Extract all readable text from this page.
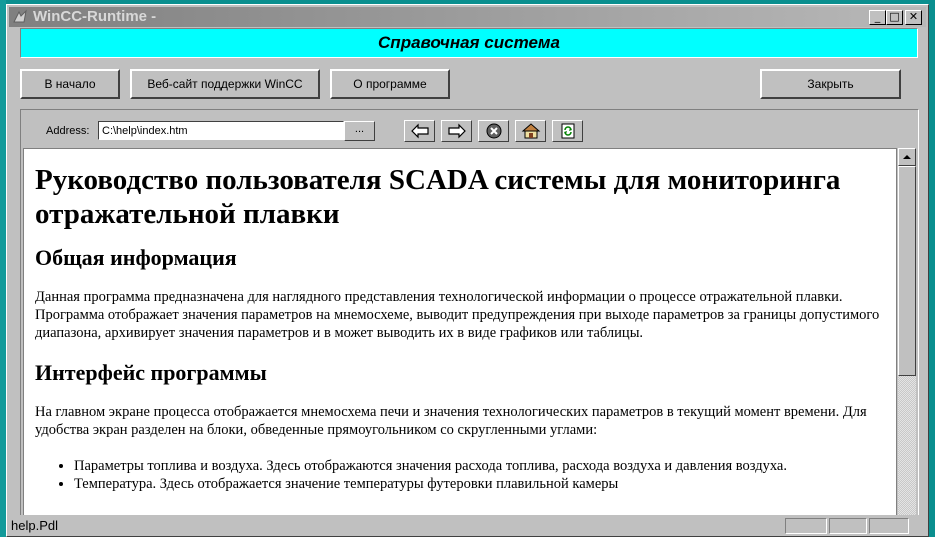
WinCC-Runtime -	_ □ ✕
Справочная система
В начало	Веб-сайт поддержки WinCC	О программе	Закрыть
Address:
C:\help\index.htm	...
Руководство пользователя SCADA системы для мониторинга отражательной плавки
Общая информация

Данная программа предназначена для наглядного представления технологической информации о процессе отражательной плавки. Программа отображает значения параметров на мнемосхеме, выводит предупреждения при выходе параметров за границы допустимого диапазона, архивирует значения параметров и в может выводить их в виде графиков или таблицы.

Интерфейс программы

На главном экране процесса отображается мнемосхема печи и значения технологических параметров в текущий момент времени. Для удобства экран разделен на блоки, обведенные прямоугольником со скругленными углами:

• Параметры топлива и воздуха. Здесь отображаются значения расхода топлива, расхода воздуха и давления воздуха.
• Температура. Здесь отображается значение температуры футеровки плавильной камеры
help.Pdl
